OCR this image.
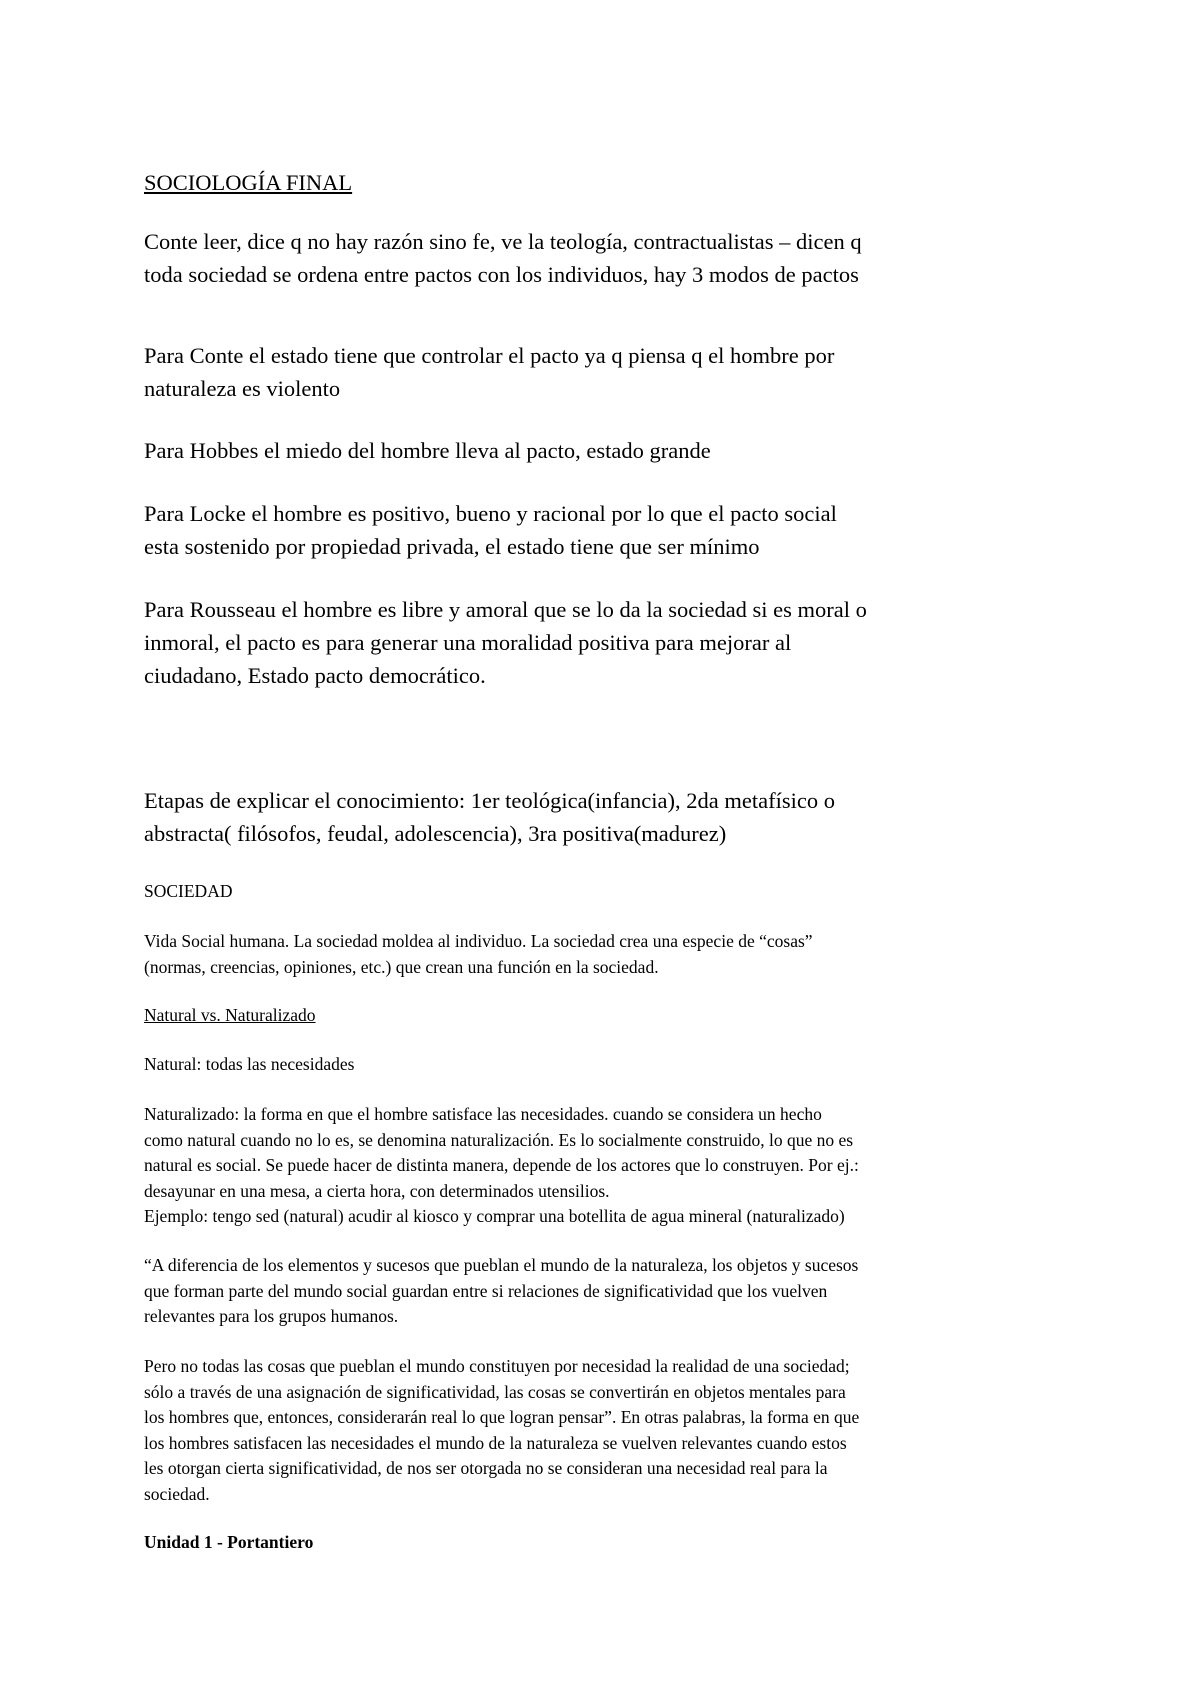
SOCIOLOGÍA FINAL

Conte leer, dice q no hay razón sino fe, ve la teología, contractualistas – dicen q
toda sociedad se ordena entre pactos con los individuos, hay 3 modos de pactos

Para Conte el estado tiene que controlar el pacto ya q piensa q el hombre por
naturaleza es violento

Para Hobbes el miedo del hombre lleva al pacto, estado grande

Para Locke el hombre es positivo, bueno y racional por lo que el pacto social
esta sostenido por propiedad privada, el estado tiene que ser mínimo

Para Rousseau el hombre es libre y amoral que se lo da la sociedad si es moral o
inmoral, el pacto es para generar una moralidad positiva para mejorar al
ciudadano, Estado pacto democrático.

Etapas de explicar el conocimiento: 1er teológica(infancia), 2da metafísico o
abstracta( filósofos, feudal, adolescencia), 3ra positiva(madurez)

SOCIEDAD

Vida Social humana. La sociedad moldea al individuo. La sociedad crea una especie de “cosas”
(normas, creencias, opiniones, etc.) que crean una función en la sociedad.

Natural vs. Naturalizado

Natural: todas las necesidades

Naturalizado: la forma en que el hombre satisface las necesidades. cuando se considera un hecho
como natural cuando no lo es, se denomina naturalización. Es lo socialmente construido, lo que no es
natural es social. Se puede hacer de distinta manera, depende de los actores que lo construyen. Por ej.:
desayunar en una mesa, a cierta hora, con determinados utensilios.
Ejemplo: tengo sed (natural) acudir al kiosco y comprar una botellita de agua mineral (naturalizado)

“A diferencia de los elementos y sucesos que pueblan el mundo de la naturaleza, los objetos y sucesos
que forman parte del mundo social guardan entre si relaciones de significatividad que los vuelven
relevantes para los grupos humanos.

Pero no todas las cosas que pueblan el mundo constituyen por necesidad la realidad de una sociedad;
sólo a través de una asignación de significatividad, las cosas se convertirán en objetos mentales para
los hombres que, entonces, considerarán real lo que logran pensar”. En otras palabras, la forma en que
los hombres satisfacen las necesidades el mundo de la naturaleza se vuelven relevantes cuando estos
les otorgan cierta significatividad, de nos ser otorgada no se consideran una necesidad real para la
sociedad.

Unidad 1 - Portantiero
